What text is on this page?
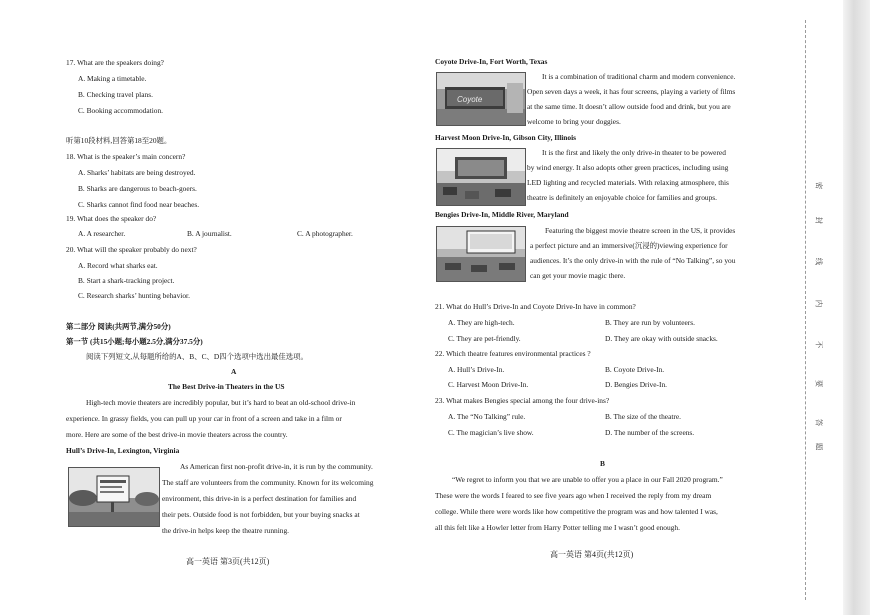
17. What are the speakers doing?
A. Making a timetable.
B. Checking travel plans.
C. Booking accommodation.
听第10段材料,回答第18至20题。
18. What is the speaker’s main concern?
A. Sharks’ habitats are being destroyed.
B. Sharks are dangerous to beach-goers.
C. Sharks cannot find food near beaches.
19. What does the speaker do?
A. A researcher.	B. A journalist.	C. A photographer.
20. What will the speaker probably do next?
A. Record what sharks eat.
B. Start a shark-tracking project.
C. Research sharks’ hunting behavior.
第二部分 阅读(共两节,满分50分)
第一节 (共15小题;每小题2.5分,满分37.5分)
阅读下列短文,从每题所给的A、B、C、D四个选项中选出最佳选项。
A
The Best Drive-in Theaters in the US
High-tech movie theaters are incredibly popular, but it’s hard to beat an old-school drive-in
experience. In grassy fields, you can pull up your car in front of a screen and take in a film or
more. Here are some of the best drive-in movie theaters across the country.
Hull’s Drive-In, Lexington, Virginia
As American first non-profit drive-in, it is run by the community.
The staff are volunteers from the community. Known for its welcoming
environment, this drive-in is a perfect destination for families and
their pets. Outside food is not forbidden, but your buying snacks at
the drive-in helps keep the theatre running.
高一英语 第3页(共12页)
Coyote Drive-In, Fort Worth, Texas
Coyote
It is a combination of traditional charm and modern convenience.
Open seven days a week, it has four screens, playing a variety of films
at the same time. It doesn’t allow outside food and drink, but you are
welcome to bring your doggies.
Harvest Moon Drive-In, Gibson City, Illinois
It is the first and likely the only drive-in theater to be powered
by wind energy. It also adopts other green practices, including using
LED lighting and recycled materials. With relaxing atmosphere, this
theatre is definitely an enjoyable choice for families and groups.
Bengies Drive-In, Middle River, Maryland
Featuring the biggest movie theatre screen in the US, it provides
a perfect picture and an immersive(沉浸的)viewing experience for
audiences. It’s the only drive-in with the rule of “No Talking”, so you
can get your movie magic there.
21. What do Hull’s Drive-In and Coyote Drive-In have in common?
A. They are high-tech.	B. They are run by volunteers.
C. They are pet-friendly.	D. They are okay with outside snacks.
22. Which theatre features environmental practices ?
A. Hull’s Drive-In.	B. Coyote Drive-In.
C. Harvest Moon Drive-In.	D. Bengies Drive-In.
23. What makes Bengies special among the four drive-ins?
A. The “No Talking” rule.	B. The size of the theatre.
C. The magician’s live show.	D. The number of the screens.
B
“We regret to inform you that we are unable to offer you a place in our Fall 2020 program.”
These were the words I feared to see five years ago when I received the reply from my dream
college. While there were words like how competitive the program was and how talented I was,
all this felt like a Howler letter from Harry Potter telling me I wasn’t good enough.
高一英语 第4页(共12页)
密
封
线
内
不
要
答
题
